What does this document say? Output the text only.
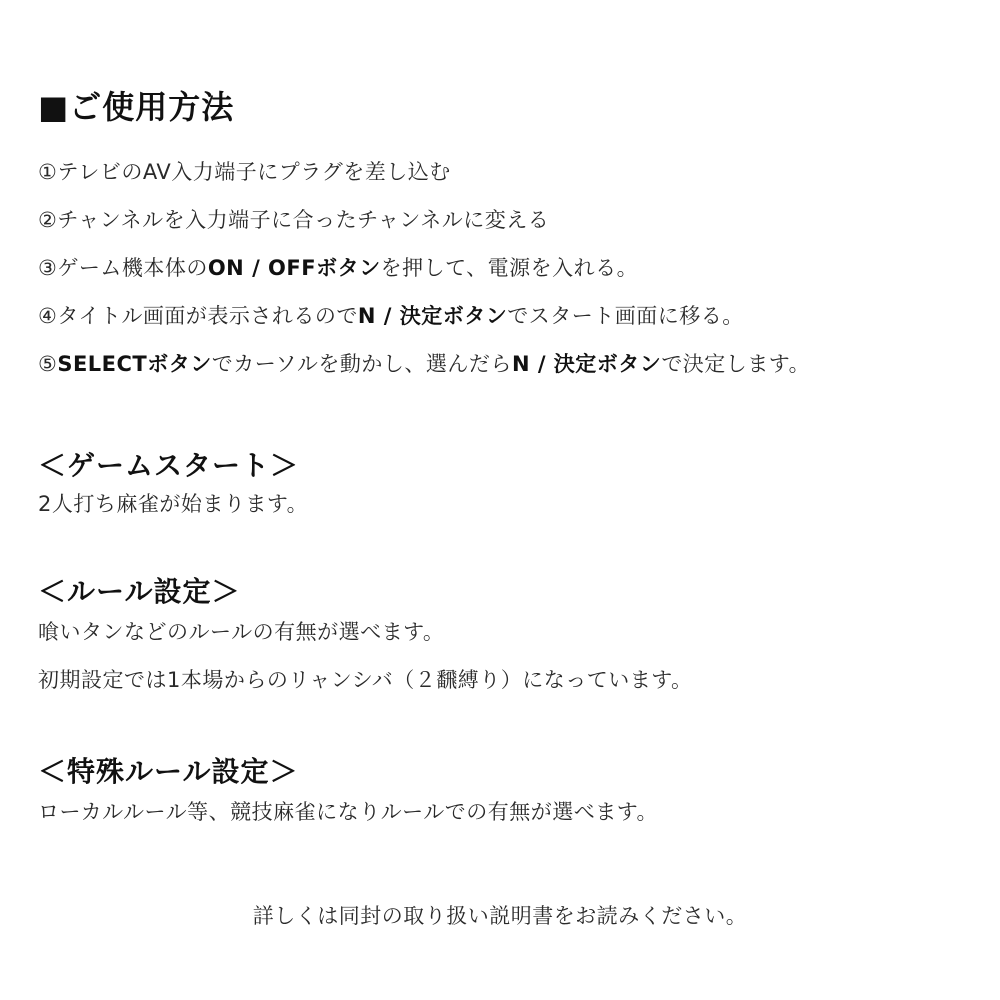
■ご使用方法
①テレビのAV入力端子にプラグを差し込む
②チャンネルを入力端子に合ったチャンネルに変える
③ゲーム機本体のON / OFFボタンを押して、電源を入れる。
④タイトル画面が表示されるのでN / 決定ボタンでスタート画面に移る。
⑤SELECTボタンでカーソルを動かし、選んだらN / 決定ボタンで決定します。
＜ゲームスタート＞
2人打ち麻雀が始まります。
＜ルール設定＞
喰いタンなどのルールの有無が選べます。
初期設定では1本場からのリャンシバ（２飜縛り）になっています。
＜特殊ルール設定＞
ローカルルール等、競技麻雀になりルールでの有無が選べます。
詳しくは同封の取り扱い説明書をお読みください。
